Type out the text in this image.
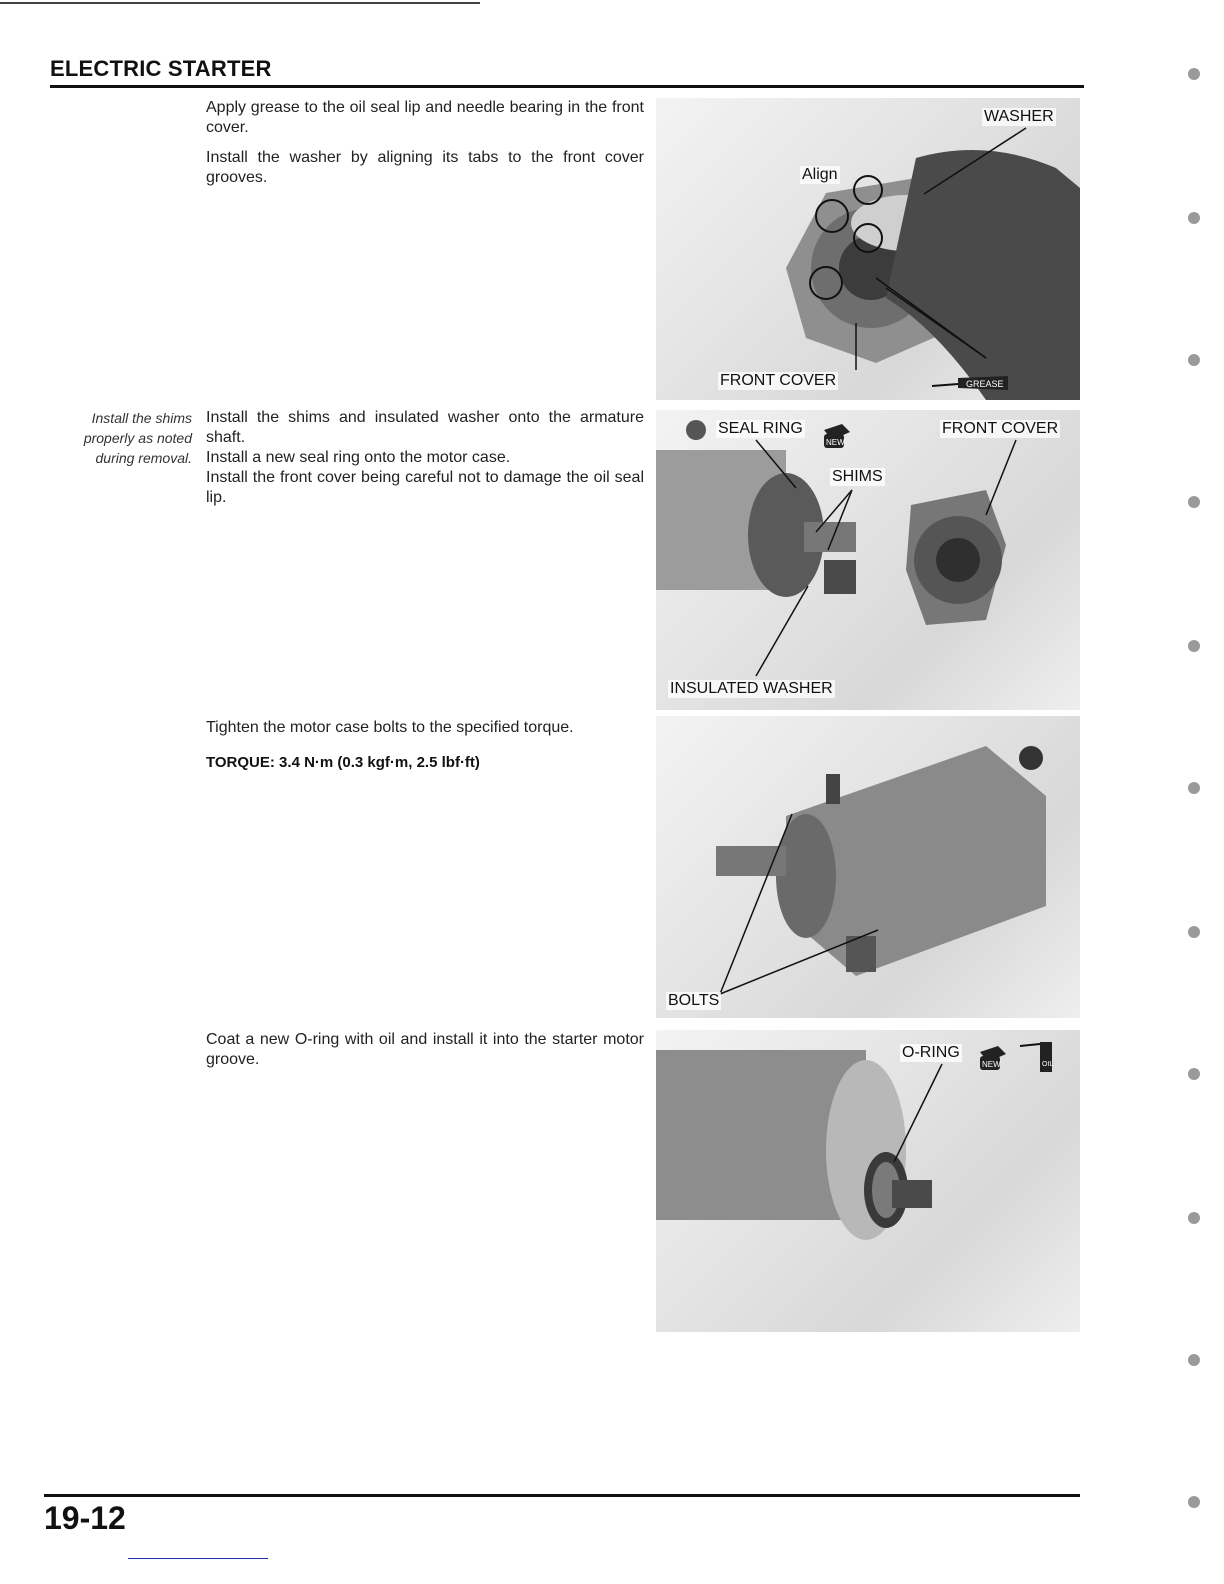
ELECTRIC STARTER

Apply grease to the oil seal lip and needle bearing in the front cover.

Install the washer by aligning its tabs to the front cover grooves.

WASHER
Align
FRONT COVER	GREASE
Install the shims properly as noted during removal.

Install the shims and insulated washer onto the armature shaft.

Install a new seal ring onto the motor case.

Install the front cover being careful not to damage the oil seal lip.

SEAL RING
NEW
FRONT COVER
SHIMS
INSULATED WASHER

Tighten the motor case bolts to the specified torque.

TORQUE: 3.4 N·m (0.3 kgf·m, 2.5 lbf·ft)
BOLTS

Coat a new O-ring with oil and install it into the starter motor groove.	O-RING
NEW	OIL
19-12
